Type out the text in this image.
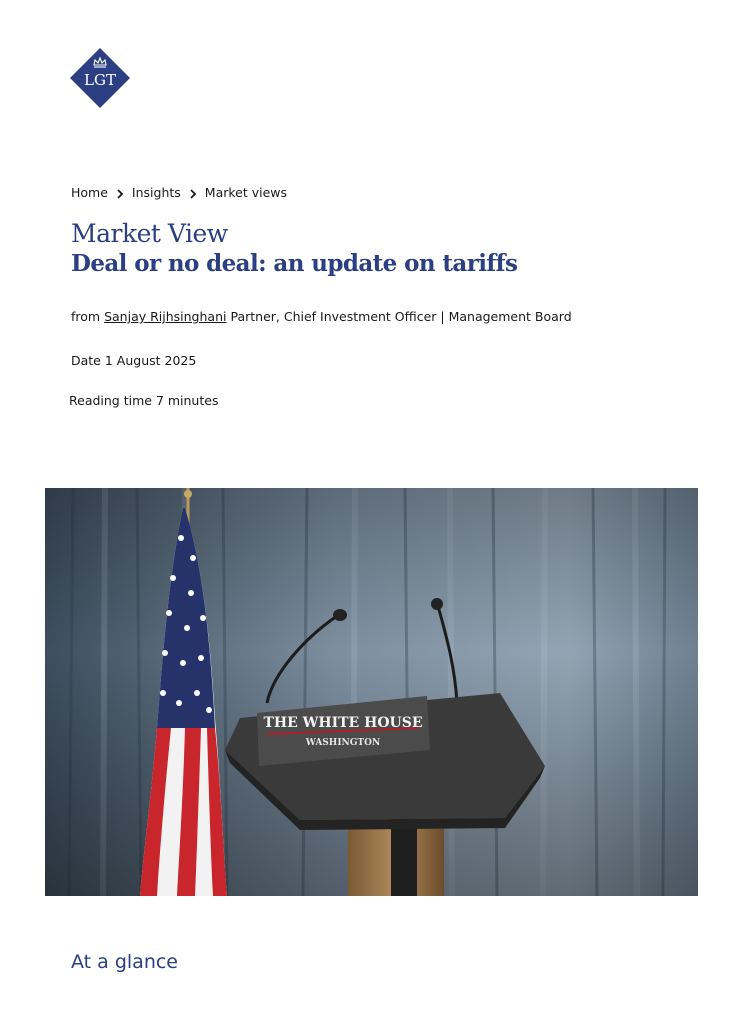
LGT
Home Insights Market views
Market View
Deal or no deal: an update on tariffs
from Sanjay Rijhsinghani Partner, Chief Investment Officer | Management Board
Date 1 August 2025
Reading time 7 minutes
THE WHITE HOUSE
WASHINGTON
At a glance
